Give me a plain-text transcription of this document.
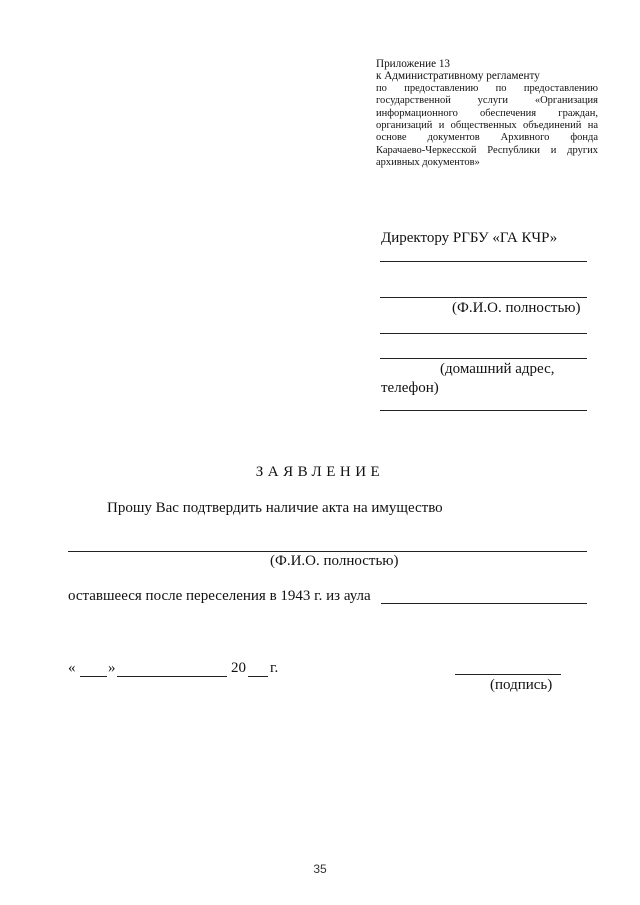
Приложение 13
к Административному регламенту
по предоставлению по предоставлению
государственной услуги «Организация
информационного обеспечения граждан,
организаций и общественных объединений на
основе документов Архивного фонда
Карачаево-Черкесской Республики и других
архивных документов»
Директору РГБУ «ГА КЧР»
(Ф.И.О. полностью)
(домашний адрес,
телефон)
ЗАЯВЛЕНИЕ
Прошу Вас подтвердить наличие акта на имущество
(Ф.И.О. полностью)
оставшееся после переселения в 1943 г. из аула
« »	20 г.
(подпись)
35
